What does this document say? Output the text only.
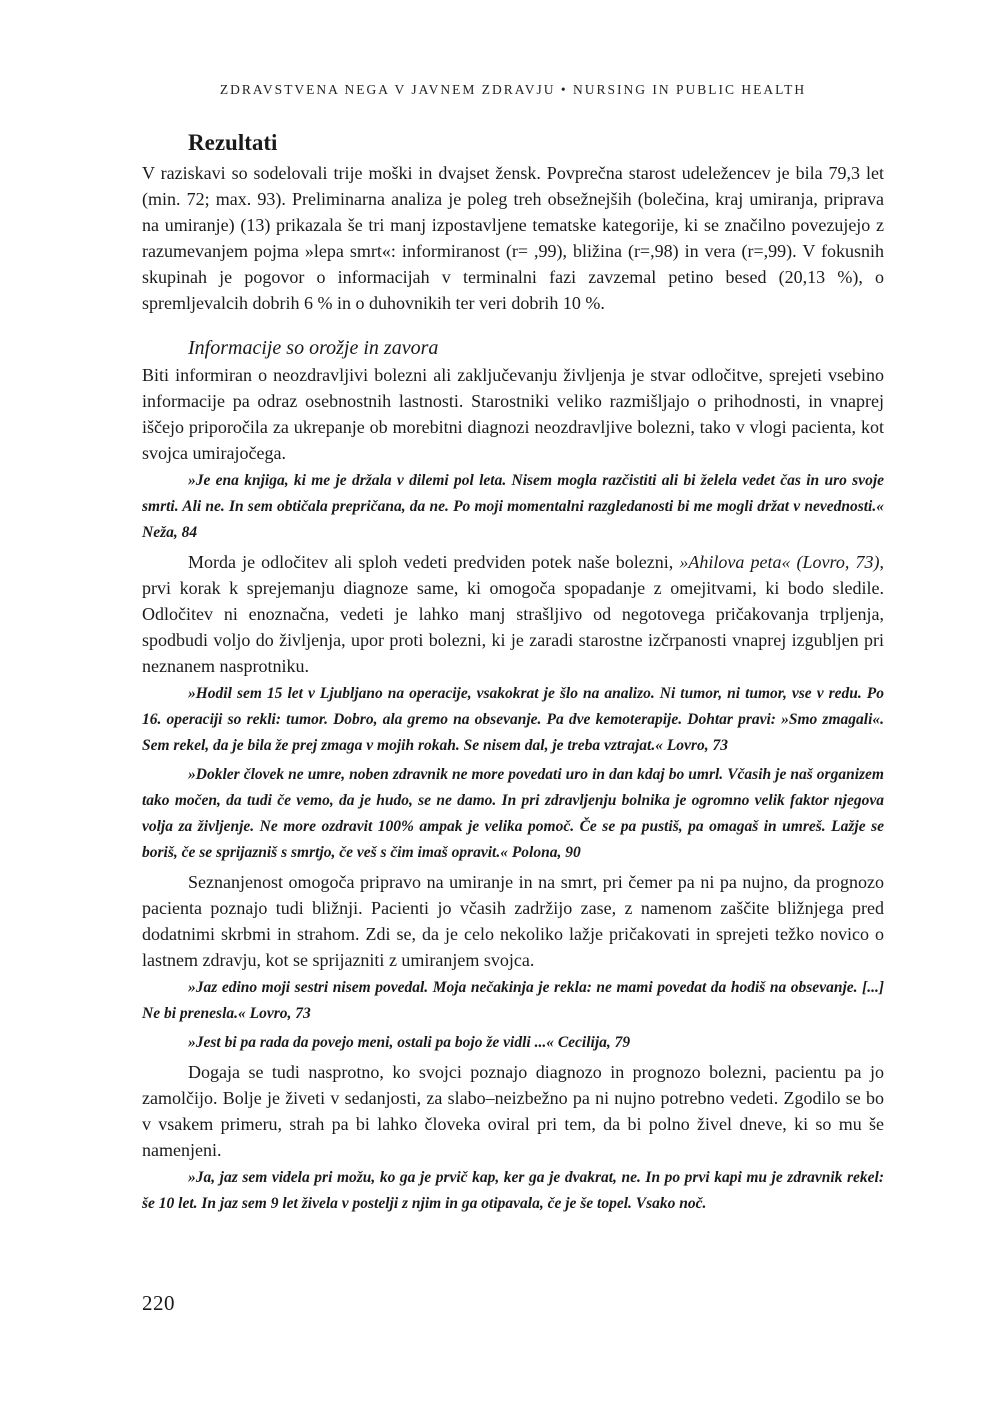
ZDRAVSTVENA NEGA V JAVNEM ZDRAVJU • NURSING IN PUBLIC HEALTH
Rezultati

V raziskavi so sodelovali trije moški in dvajset žensk. Povprečna starost udeležencev je bila 79,3 let (min. 72; max. 93). Preliminarna analiza je poleg treh obsežnejših (bolečina, kraj umiranja, priprava na umiranje) (13) prikazala še tri manj izpostavljene tematske kategorije, ki se značilno povezujejo z razumevanjem pojma »lepa smrt«: informiranost (r= ,99), bližina (r=,98) in vera (r=,99). V fokusnih skupinah je pogovor o informacijah v terminalni fazi zavzemal petino besed (20,13 %), o spremljevalcih dobrih 6 % in o duhovnikih ter veri dobrih 10 %.

Informacije so orožje in zavora

Biti informiran o neozdravljivi bolezni ali zaključevanju življenja je stvar odločitve, sprejeti vsebino informacije pa odraz osebnostnih lastnosti. Starostniki veliko razmišljajo o prihodnosti, in vnaprej iščejo priporočila za ukrepanje ob morebitni diagnozi neozdravljive bolezni, tako v vlogi pacienta, kot svojca umirajočega.

»Je ena knjiga, ki me je držala v dilemi pol leta. Nisem mogla razčistiti ali bi želela vedet čas in uro svoje smrti. Ali ne. In sem obtičala prepričana, da ne. Po moji momentalni razgledanosti bi me mogli držat v nevednosti.« Neža, 84

Morda je odločitev ali sploh vedeti predviden potek naše bolezni, »Ahilova peta« (Lovro, 73), prvi korak k sprejemanju diagnoze same, ki omogoča spopadanje z omejitvami, ki bodo sledile. Odločitev ni enoznačna, vedeti je lahko manj strašljivo od negotovega pričakovanja trpljenja, spodbudi voljo do življenja, upor proti bolezni, ki je zaradi starostne izčrpanosti vnaprej izgubljen pri neznanem nasprotniku.

»Hodil sem 15 let v Ljubljano na operacije, vsakokrat je šlo na analizo. Ni tumor, ni tumor, vse v redu. Po 16. operaciji so rekli: tumor. Dobro, ala gremo na obsevanje. Pa dve kemoterapije. Dohtar pravi: »Smo zmagali«. Sem rekel, da je bila že prej zmaga v mojih rokah. Se nisem dal, je treba vztrajat.« Lovro, 73

»Dokler človek ne umre, noben zdravnik ne more povedati uro in dan kdaj bo umrl. Včasih je naš organizem tako močen, da tudi če vemo, da je hudo, se ne damo. In pri zdravljenju bolnika je ogromno velik faktor njegova volja za življenje. Ne more ozdravit 100% ampak je velika pomoč. Če se pa pustiš, pa omagaš in umreš. Lažje se boriš, če se sprijazniš s smrtjo, če veš s čim imaš opravit.« Polona, 90

Seznanjenost omogoča pripravo na umiranje in na smrt, pri čemer pa ni pa nujno, da prognozo pacienta poznajo tudi bližnji. Pacienti jo včasih zadržijo zase, z namenom zaščite bližnjega pred dodatnimi skrbmi in strahom. Zdi se, da je celo nekoliko lažje pričakovati in sprejeti težko novico o lastnem zdravju, kot se sprijazniti z umiranjem svojca.

»Jaz edino moji sestri nisem povedal. Moja nečakinja je rekla: ne mami povedat da hodiš na obsevanje. [...] Ne bi prenesla.« Lovro, 73

»Jest bi pa rada da povejo meni, ostali pa bojo že vidli ...« Cecilija, 79

Dogaja se tudi nasprotno, ko svojci poznajo diagnozo in prognozo bolezni, pacientu pa jo zamolčijo. Bolje je živeti v sedanjosti, za slabo–neizbežno pa ni nujno potrebno vedeti. Zgodilo se bo v vsakem primeru, strah pa bi lahko človeka oviral pri tem, da bi polno živel dneve, ki so mu še namenjeni.

»Ja, jaz sem videla pri možu, ko ga je prvič kap, ker ga je dvakrat, ne. In po prvi kapi mu je zdravnik rekel: še 10 let. In jaz sem 9 let živela v postelji z njim in ga otipavala, če je še topel. Vsako noč.

220
